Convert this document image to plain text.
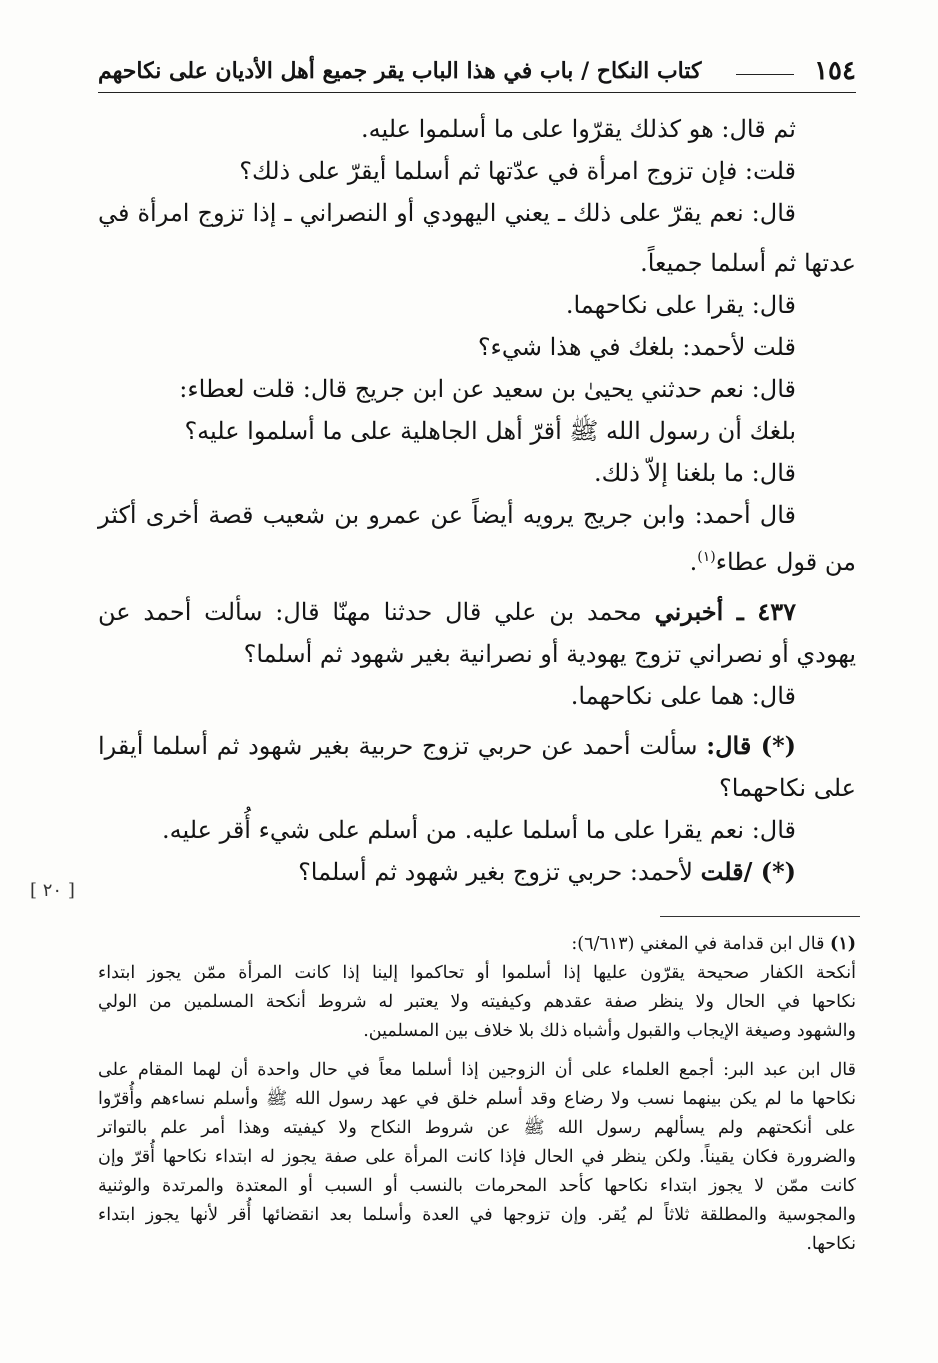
١٥٤
كتاب النكاح / باب في هذا الباب يقر جميع أهل الأديان على نكاحهم
ثم قال: هو كذلك يقرّوا على ما أسلموا عليه.
قلت: فإن تزوج امرأة في عدّتها ثم أسلما أيقرّ على ذلك؟
قال: نعم يقرّ على ذلك ـ يعني اليهودي أو النصراني ـ إذا تزوج امرأة في
عدتها ثم أسلما جميعاً.
قال: يقرا على نكاحهما.
قلت لأحمد: بلغك في هذا شيء؟
قال: نعم حدثني يحيىٰ بن سعيد عن ابن جريج قال: قلت لعطاء:
بلغك أن رسول الله ﷺ أقرّ أهل الجاهلية على ما أسلموا عليه؟
قال: ما بلغنا إلاّ ذلك.
قال أحمد: وابن جريج يرويه أيضاً عن عمرو بن شعيب قصة أخرى أكثر
من قول عطاء$^{(١)}$.
٤٣٧ ـ أخبرني محمد بن علي قال حدثنا مهنّا قال: سألت أحمد عن
يهودي أو نصراني تزوج يهودية أو نصرانية بغير شهود ثم أسلما؟
قال: هما على نكاحهما.
(*) قال: سألت أحمد عن حربي تزوج حربية بغير شهود ثم أسلما أيقرا
على نكاحهما؟
قال: نعم يقرا على ما أسلما عليه. من أسلم على شيء أُقر عليه.
(*) /قلت لأحمد: حربي تزوج بغير شهود ثم أسلما؟
[ ٢٠ ]
(١) قال ابن قدامة في المغني (٦/٦١٣):
أنكحة الكفار صحيحة يقرّون عليها إذا أسلموا أو تحاكموا إلينا إذا كانت المرأة ممّن يجوز ابتداء
نكاحها في الحال ولا ينظر صفة عقدهم وكيفيته ولا يعتبر له شروط أنكحة المسلمين من الولي
والشهود وصيغة الإيجاب والقبول وأشباه ذلك بلا خلاف بين المسلمين.
قال ابن عبد البر: أجمع العلماء على أن الزوجين إذا أسلما معاً في حال واحدة أن لهما المقام على
نكاحها ما لم يكن بينهما نسب ولا رضاع وقد أسلم خلق في عهد رسول الله ﷺ وأسلم نساءهم وأُقرّوا
على أنكحتهم ولم يسألهم رسول الله ﷺ عن شروط النكاح ولا كيفيته وهذا أمر علم بالتواتر
والضرورة فكان يقيناً. ولكن ينظر في الحال فإذا كانت المرأة على صفة يجوز له ابتداء نكاحها أُقرّ وإن
كانت ممّن لا يجوز ابتداء نكاحها كأحد المحرمات بالنسب أو السبب أو المعتدة والمرتدة والوثنية
والمجوسية والمطلقة ثلاثاً لم يُقر. وإن تزوجها في العدة وأسلما بعد انقضائها أُقر لأنها يجوز ابتداء
نكاحها.
